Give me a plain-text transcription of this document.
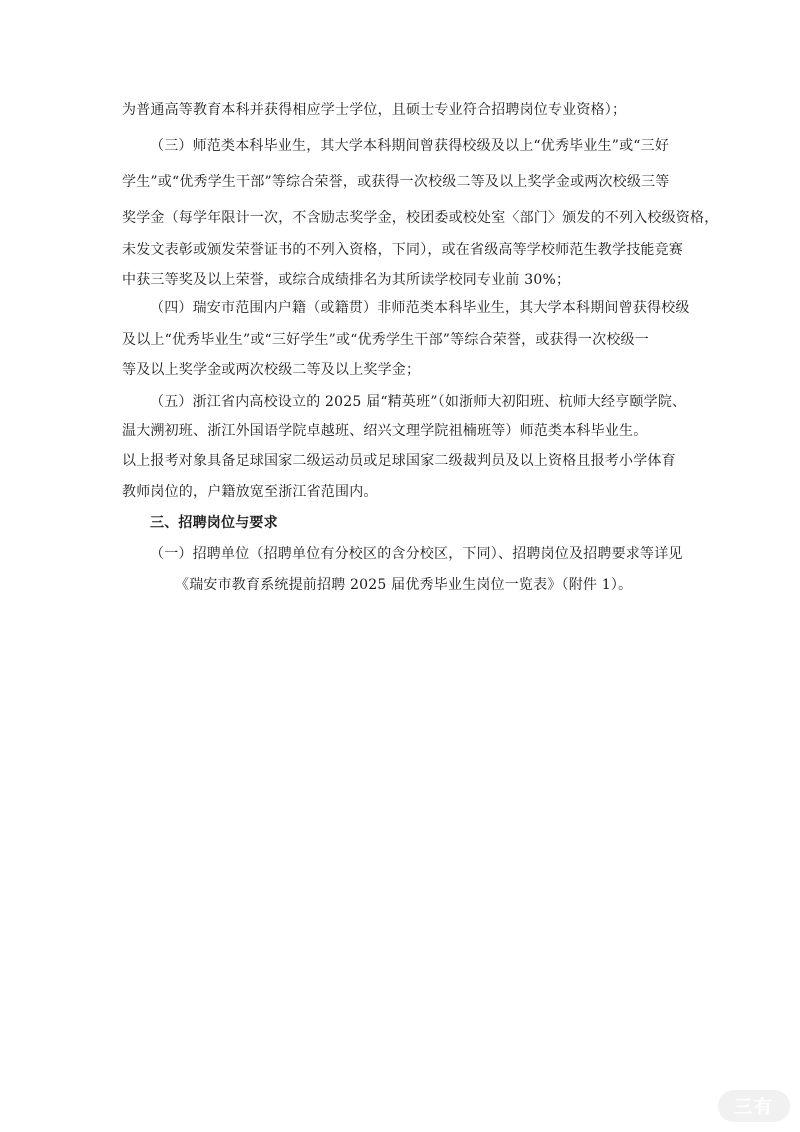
为普通高等教育本科并获得相应学士学位，且硕士专业符合招聘岗位专业资格）；
（三）师范类本科毕业生，其大学本科期间曾获得校级及以上“优秀毕业生”或“三好
学生”或“优秀学生干部”等综合荣誉，或获得一次校级二等及以上奖学金或两次校级三等
奖学金（每学年限计一次，不含励志奖学金，校团委或校处室〈部门〉颁发的不列入校级资格，
未发文表彰或颁发荣誉证书的不列入资格，下同），或在省级高等学校师范生教学技能竞赛
中获三等奖及以上荣誉，或综合成绩排名为其所读学校同专业前 30%；
（四）瑞安市范围内户籍（或籍贯）非师范类本科毕业生，其大学本科期间曾获得校级
及以上“优秀毕业生”或“三好学生”或“优秀学生干部”等综合荣誉，或获得一次校级一
等及以上奖学金或两次校级二等及以上奖学金；
（五）浙江省内高校设立的 2025 届“精英班”（如浙师大初阳班、杭师大经亨颐学院、
温大溯初班、浙江外国语学院卓越班、绍兴文理学院祖楠班等）师范类本科毕业生。
以上报考对象具备足球国家二级运动员或足球国家二级裁判员及以上资格且报考小学体育
教师岗位的，户籍放宽至浙江省范围内。
三、招聘岗位与要求
（一）招聘单位（招聘单位有分校区的含分校区，下同）、招聘岗位及招聘要求等详见
《瑞安市教育系统提前招聘 2025 届优秀毕业生岗位一览表》（附件 1）。
三有
